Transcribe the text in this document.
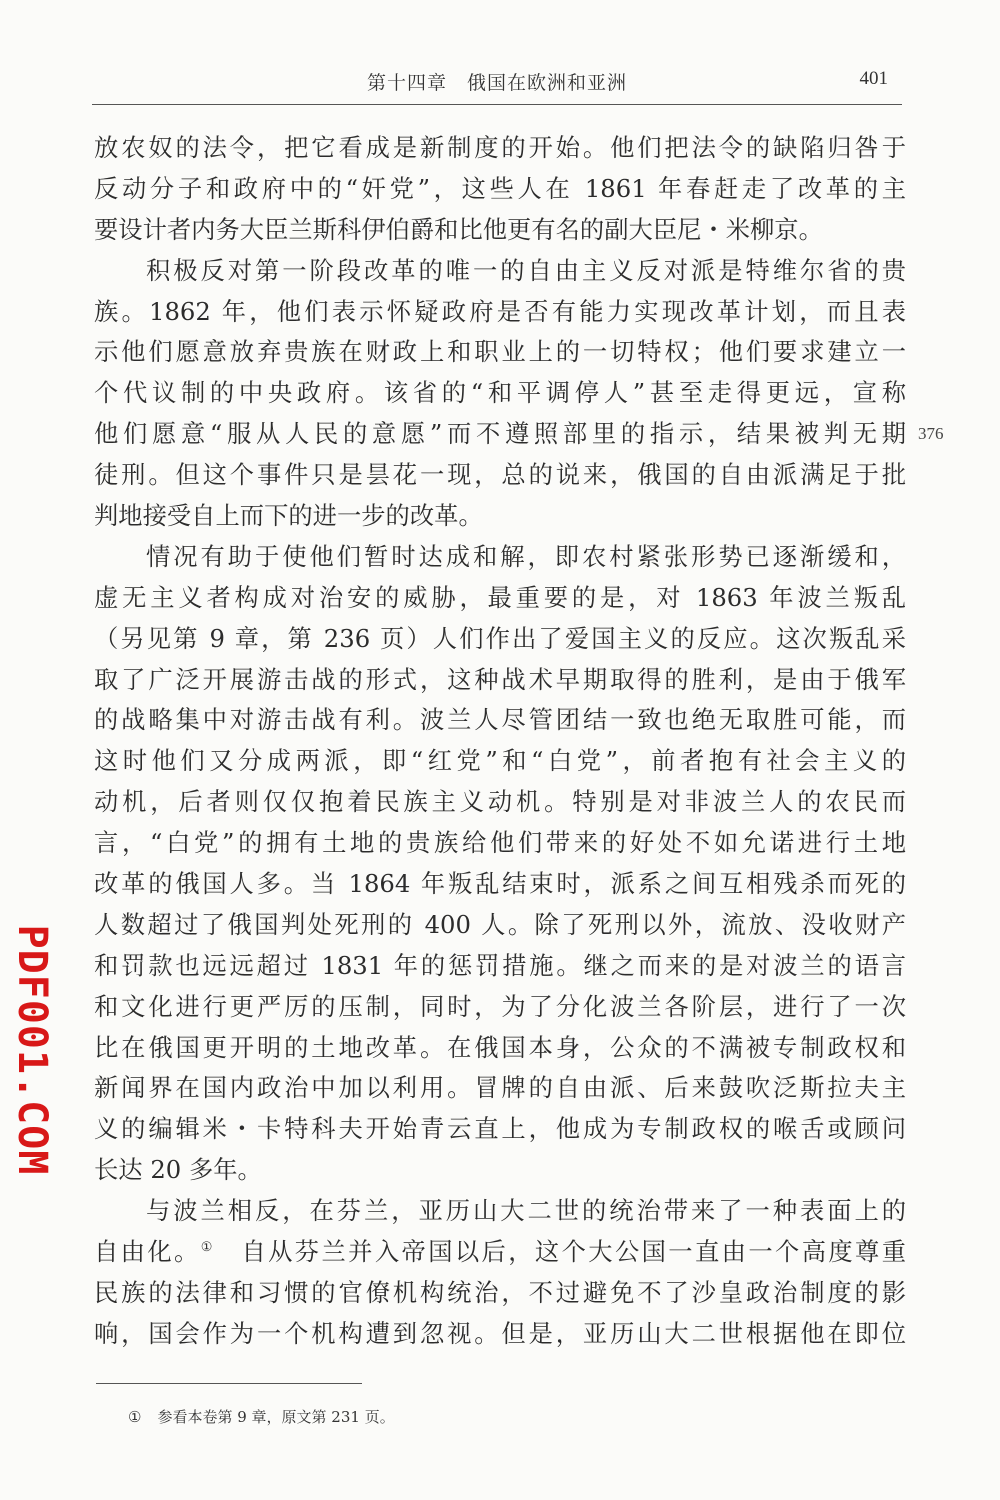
第十四章　俄国在欧洲和亚洲	401
376
放农奴的法令，把它看成是新制度的开始。他们把法令的缺陷归咎于
反动分子和政府中的“奸党”，这些人在 1861 年春赶走了改革的主
要设计者内务大臣兰斯科伊伯爵和比他更有名的副大臣尼・米柳京。
积极反对第一阶段改革的唯一的自由主义反对派是特维尔省的贵
族。1862 年，他们表示怀疑政府是否有能力实现改革计划，而且表
示他们愿意放弃贵族在财政上和职业上的一切特权；他们要求建立一
个代议制的中央政府。该省的“和平调停人”甚至走得更远，宣称
他们愿意“服从人民的意愿”而不遵照部里的指示，结果被判无期
徒刑。但这个事件只是昙花一现，总的说来，俄国的自由派满足于批
判地接受自上而下的进一步的改革。
情况有助于使他们暂时达成和解，即农村紧张形势已逐渐缓和，
虚无主义者构成对治安的威胁，最重要的是，对 1863 年波兰叛乱
（另见第 9 章，第 236 页）人们作出了爱国主义的反应。这次叛乱采
取了广泛开展游击战的形式，这种战术早期取得的胜利，是由于俄军
的战略集中对游击战有利。波兰人尽管团结一致也绝无取胜可能，而
这时他们又分成两派，即“红党”和“白党”，前者抱有社会主义的
动机，后者则仅仅抱着民族主义动机。特别是对非波兰人的农民而
言，“白党”的拥有土地的贵族给他们带来的好处不如允诺进行土地
改革的俄国人多。当 1864 年叛乱结束时，派系之间互相残杀而死的
人数超过了俄国判处死刑的 400 人。除了死刑以外，流放、没收财产
和罚款也远远超过 1831 年的惩罚措施。继之而来的是对波兰的语言
和文化进行更严厉的压制，同时，为了分化波兰各阶层，进行了一次
比在俄国更开明的土地改革。在俄国本身，公众的不满被专制政权和
新闻界在国内政治中加以利用。冒牌的自由派、后来鼓吹泛斯拉夫主
义的编辑米・卡特科夫开始青云直上，他成为专制政权的喉舌或顾问
长达 20 多年。
与波兰相反，在芬兰，亚历山大二世的统治带来了一种表面上的
自由化。①　 自从芬兰并入帝国以后，这个大公国一直由一个高度尊重
民族的法律和习惯的官僚机构统治，不过避免不了沙皇政治制度的影
响，国会作为一个机构遭到忽视。但是，亚历山大二世根据他在即位
PDF001.COM
① 参看本卷第 9 章，原文第 231 页。
